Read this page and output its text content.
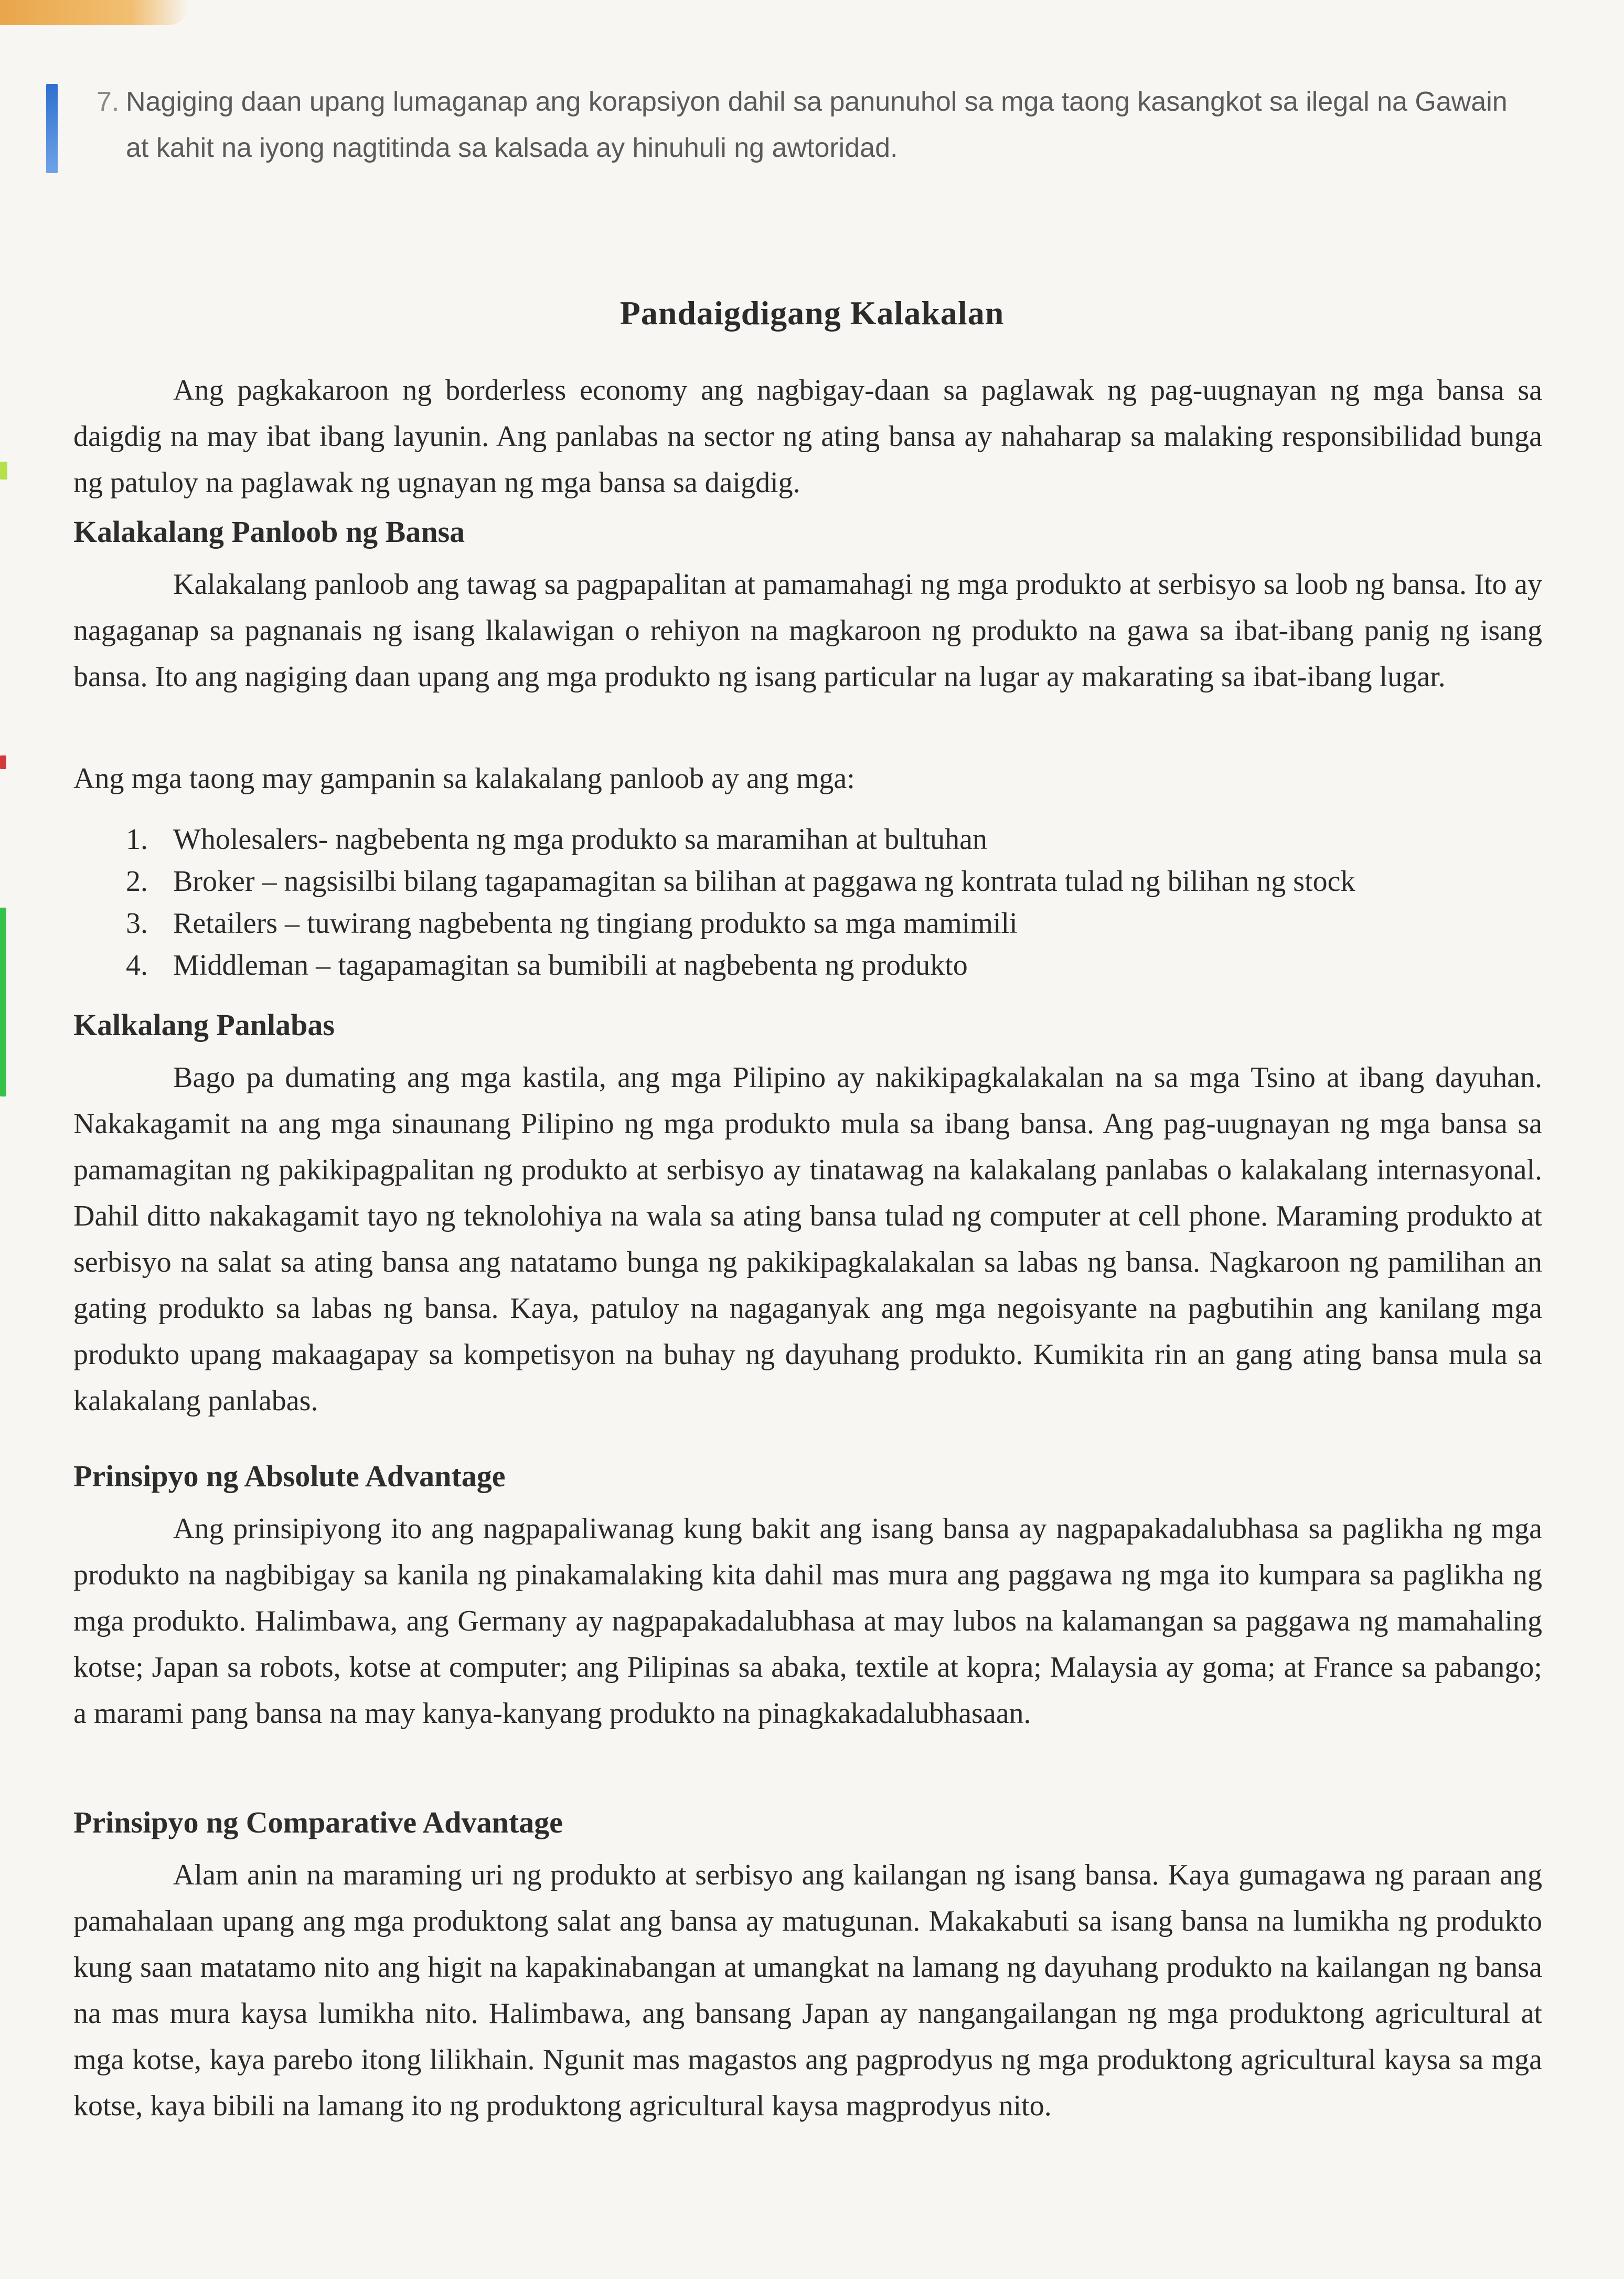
7. Nagiging daan upang lumaganap ang korapsiyon dahil sa panunuhol sa mga taong kasangkot sa ilegal na Gawain at kahit na iyong nagtitinda sa kalsada ay hinuhuli ng awtoridad.
Pandaigdigang Kalakalan
Ang pagkakaroon ng borderless economy ang nagbigay-daan sa paglawak ng pag-uugnayan ng mga bansa sa daigdig na may ibat ibang layunin. Ang panlabas na sector ng ating bansa ay nahaharap sa malaking responsibilidad bunga ng patuloy na paglawak ng ugnayan ng mga bansa sa daigdig.
Kalakalang Panloob ng Bansa
Kalakalang panloob ang tawag sa pagpapalitan at pamamahagi ng mga produkto at serbisyo sa loob ng bansa. Ito ay nagaganap sa pagnanais ng isang lkalawigan o rehiyon na magkaroon ng produkto na gawa sa ibat-ibang panig ng isang bansa. Ito ang nagiging daan upang ang mga produkto ng isang particular na lugar ay makarating sa ibat-ibang lugar.
Ang mga taong may gampanin sa kalakalang panloob ay ang mga:
1. Wholesalers- nagbebenta ng mga produkto sa maramihan at bultuhan
2. Broker – nagsisilbi bilang tagapamagitan sa bilihan at paggawa ng kontrata tulad ng bilihan ng stock
3. Retailers – tuwirang nagbebenta ng tingiang produkto sa mga mamimili
4. Middleman – tagapamagitan sa bumibili at nagbebenta ng produkto
Kalkalang Panlabas
Bago pa dumating ang mga kastila, ang mga Pilipino ay nakikipagkalakalan na sa mga Tsino at ibang dayuhan. Nakakagamit na ang mga sinaunang Pilipino ng mga produkto mula sa ibang bansa. Ang pag-uugnayan ng mga bansa sa pamamagitan ng pakikipagpalitan ng produkto at serbisyo ay tinatawag na kalakalang panlabas o kalakalang internasyonal. Dahil ditto nakakagamit tayo ng teknolohiya na wala sa ating bansa tulad ng computer at cell phone. Maraming produkto at serbisyo na salat sa ating bansa ang natatamo bunga ng pakikipagkalakalan sa labas ng bansa. Nagkaroon ng pamilihan an gating produkto sa labas ng bansa. Kaya, patuloy na nagaganyak ang mga negoisyante na pagbutihin ang kanilang mga produkto upang makaagapay sa kompetisyon na buhay ng dayuhang produkto. Kumikita rin an gang ating bansa mula sa kalakalang panlabas.
Prinsipyo ng Absolute Advantage
Ang prinsipiyong ito ang nagpapaliwanag kung bakit ang isang bansa ay nagpapakadalubhasa sa paglikha ng mga produkto na nagbibigay sa kanila ng pinakamalaking kita dahil mas mura ang paggawa ng mga ito kumpara sa paglikha ng mga produkto. Halimbawa, ang Germany ay nagpapakadalubhasa at may lubos na kalamangan sa paggawa ng mamahaling kotse; Japan sa robots, kotse at computer; ang Pilipinas sa abaka, textile at kopra; Malaysia ay goma; at France sa pabango; a marami pang bansa na may kanya-kanyang produkto na pinagkakadalubhasaan.
Prinsipyo ng Comparative Advantage
Alam anin na maraming uri ng produkto at serbisyo ang kailangan ng isang bansa. Kaya gumagawa ng paraan ang pamahalaan upang ang mga produktong salat ang bansa ay matugunan. Makakabuti sa isang bansa na lumikha ng produkto kung saan matatamo nito ang higit na kapakinabangan at umangkat na lamang ng dayuhang produkto na kailangan ng bansa na mas mura kaysa lumikha nito. Halimbawa, ang bansang Japan ay nangangailangan ng mga produktong agricultural at mga kotse, kaya parebo itong lilikhain. Ngunit mas magastos ang pagprodyus ng mga produktong agricultural kaysa sa mga kotse, kaya bibili na lamang ito ng produktong agricultural kaysa magprodyus nito.
